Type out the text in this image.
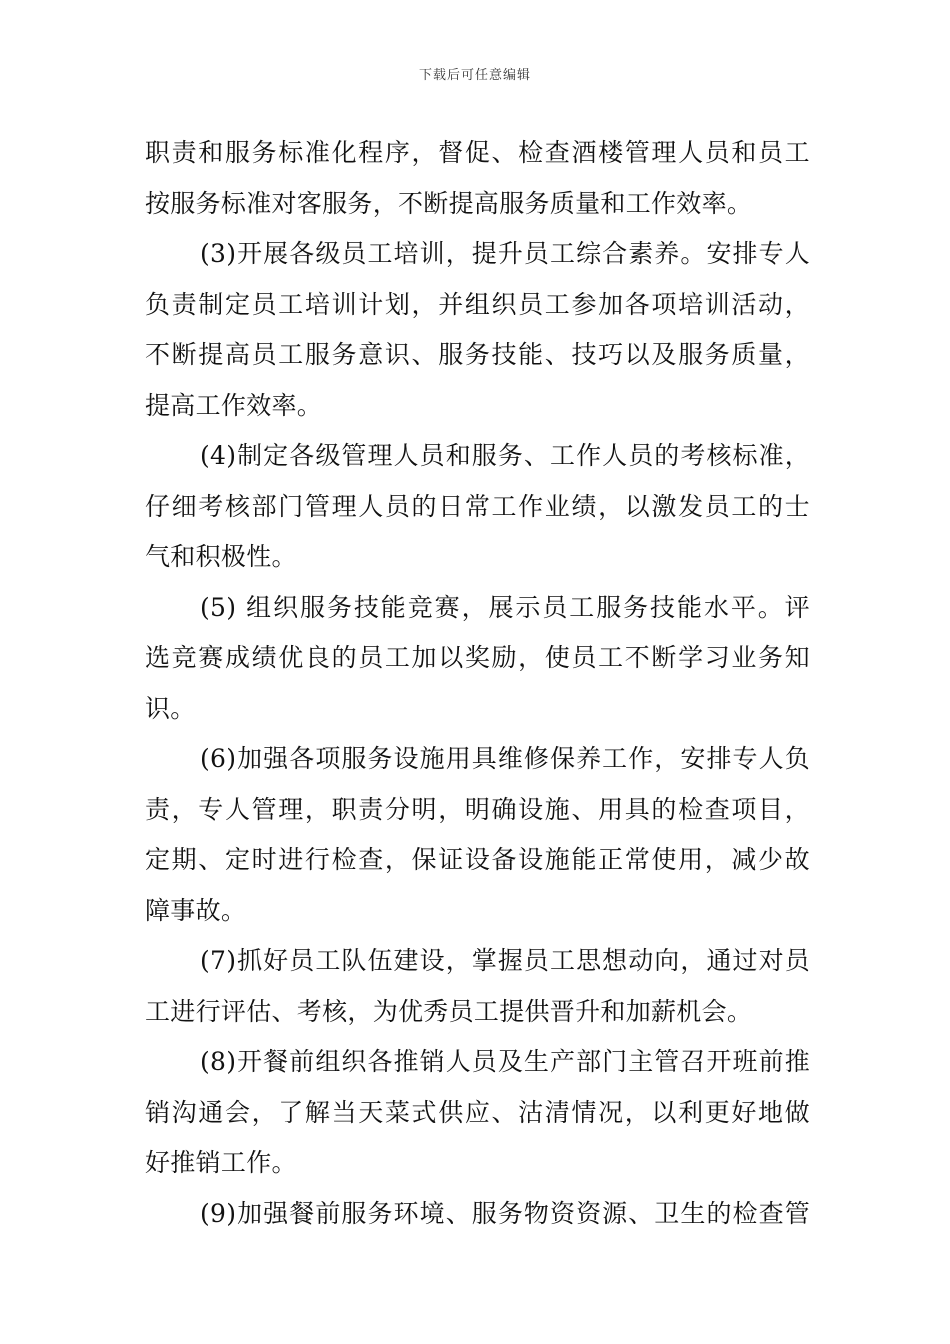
下载后可任意编辑
职责和服务标准化程序，督促、检查酒楼管理人员和员工
按服务标准对客服务，不断提高服务质量和工作效率。
(3)开展各级员工培训，提升员工综合素养。安排专人
负责制定员工培训计划，并组织员工参加各项培训活动，
不断提高员工服务意识、服务技能、技巧以及服务质量，
提高工作效率。
(4)制定各级管理人员和服务、工作人员的考核标准，
仔细考核部门管理人员的日常工作业绩，以激发员工的士
气和积极性。
(5) 组织服务技能竞赛，展示员工服务技能水平。评
选竞赛成绩优良的员工加以奖励，使员工不断学习业务知
识。
(6)加强各项服务设施用具维修保养工作，安排专人负
责，专人管理，职责分明，明确设施、用具的检查项目，
定期、定时进行检查，保证设备设施能正常使用，减少故
障事故。
(7)抓好员工队伍建设，掌握员工思想动向，通过对员
工进行评估、考核，为优秀员工提供晋升和加薪机会。
(8)开餐前组织各推销人员及生产部门主管召开班前推
销沟通会，了解当天菜式供应、沽清情况，以利更好地做
好推销工作。
(9)加强餐前服务环境、服务物资资源、卫生的检查管
